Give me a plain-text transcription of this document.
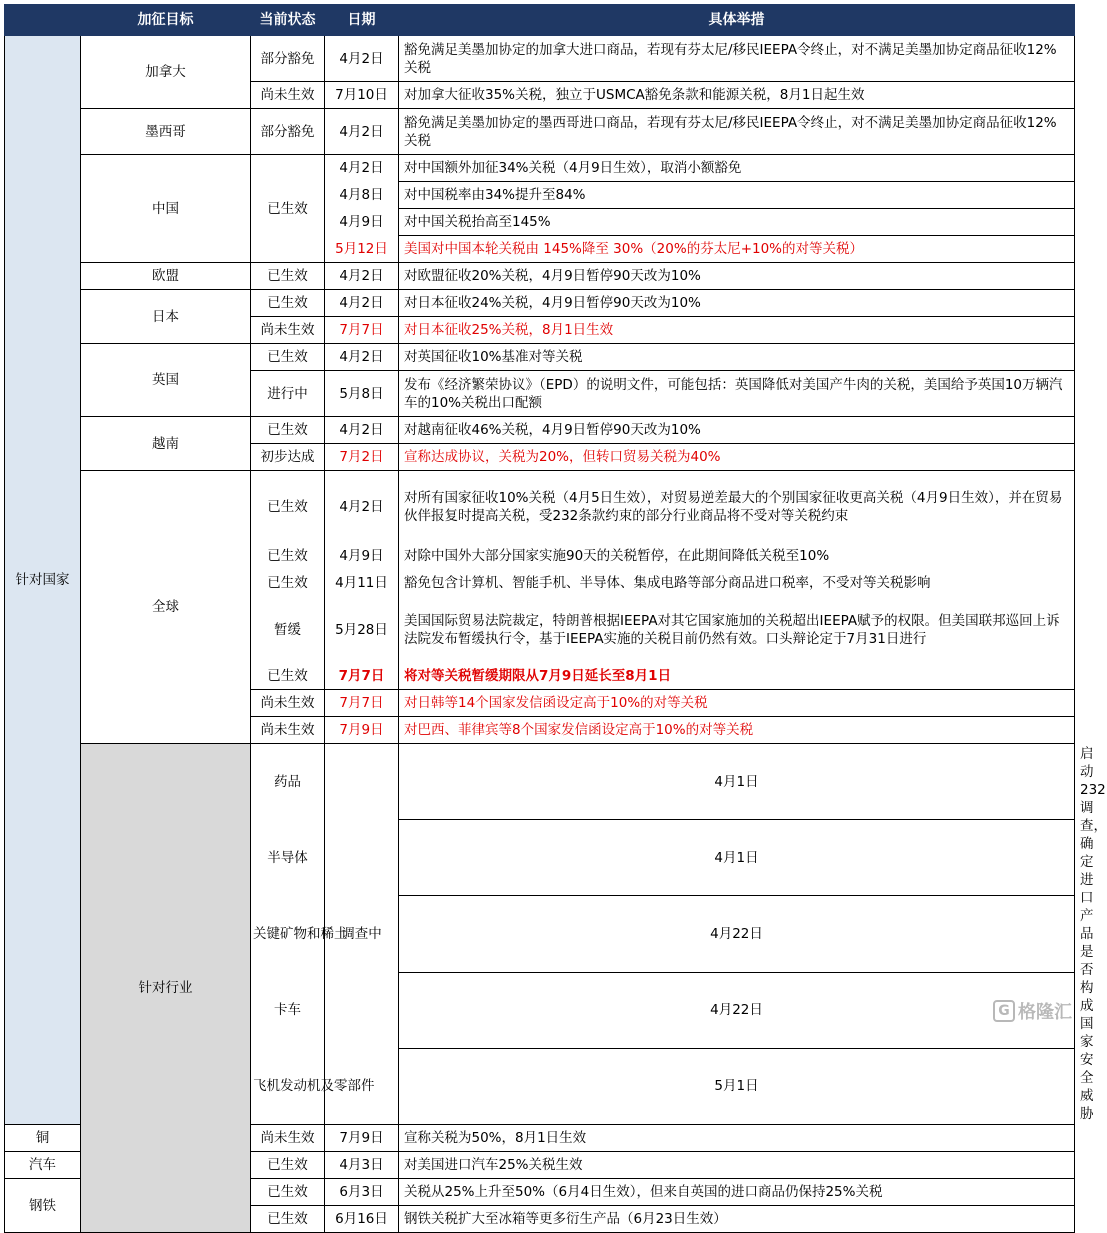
	加征目标	当前状态	日期	具体举措	
针对国家	加拿大	部分豁免	4月2日	豁免满足美墨加协定的加拿大进口商品，若现有芬太尼/移民IEEPA令终止，对不满足美墨加协定商品征收12%关税	
		尚未生效	7月10日	对加拿大征收35%关税，独立于USMCA豁免条款和能源关税，8月1日起生效	
	墨西哥	部分豁免	4月2日	豁免满足美墨加协定的墨西哥进口商品，若现有芬太尼/移民IEEPA令终止，对不满足美墨加协定商品征收12%关税	
	中国	已生效	4月2日	对中国额外加征34%关税（4月9日生效），取消小额豁免	
			4月8日	对中国税率由34%提升至84%	
			4月9日	对中国关税抬高至145%	
			5月12日	美国对中国本轮关税由 145%降至 30%（20%的芬太尼+10%的对等关税）	
	欧盟	已生效	4月2日	对欧盟征收20%关税，4月9日暂停90天改为10%	
	日本	已生效	4月2日	对日本征收24%关税，4月9日暂停90天改为10%	
		尚未生效	7月7日	对日本征收25%关税，8月1日生效	
	英国	已生效	4月2日	对英国征收10%基准对等关税	
		进行中	5月8日	发布《经济繁荣协议》（EPD）的说明文件，可能包括：英国降低对美国产牛肉的关税，美国给予英国10万辆汽车的10%关税出口配额	
	越南	已生效	4月2日	对越南征收46%关税，4月9日暂停90天改为10%	
		初步达成	7月2日	宣称达成协议，关税为20%，但转口贸易关税为40%	
	全球	已生效	4月2日	对所有国家征收10%关税（4月5日生效），对贸易逆差最大的个别国家征收更高关税（4月9日生效），并在贸易伙伴报复时提高关税，受232条款约束的部分行业商品将不受对等关税约束	
		已生效	4月9日	对除中国外大部分国家实施90天的关税暂停，在此期间降低关税至10%	
		已生效	4月11日	豁免包含计算机、智能手机、半导体、集成电路等部分商品进口税率，不受对等关税影响	
		暂缓	5月28日	美国国际贸易法院裁定，特朗普根据IEEPA对其它国家施加的关税超出IEEPA赋予的权限。但美国联邦巡回上诉法院发布暂缓执行令，基于IEEPA实施的关税目前仍然有效。口头辩论定于7月31日进行	
		已生效	7月7日	将对等关税暂缓期限从7月9日延长至8月1日	
		尚未生效	7月7日	对日韩等14个国家发信函设定高于10%的对等关税	
		尚未生效	7月9日	对巴西、菲律宾等8个国家发信函设定高于10%的对等关税	
	针对行业	药品	调查中	4月1日	启动232调查，确定进口产品是否构成国家安全威胁
		半导体		4月1日	
		关键矿物和稀土		4月22日	
		卡车		4月22日	
		飞机发动机及零部件		5月1日	
铜		尚未生效	7月9日	宣称关税为50%，8月1日生效	
汽车		已生效	4月3日	对美国进口汽车25%关税生效	
钢铁		已生效	6月3日	关税从25%上升至50%（6月4日生效），但来自英国的进口商品仍保持25%关税	
		已生效	6月16日	钢铁关税扩大至冰箱等更多衍生产品（6月23日生效）	
G 格隆汇
